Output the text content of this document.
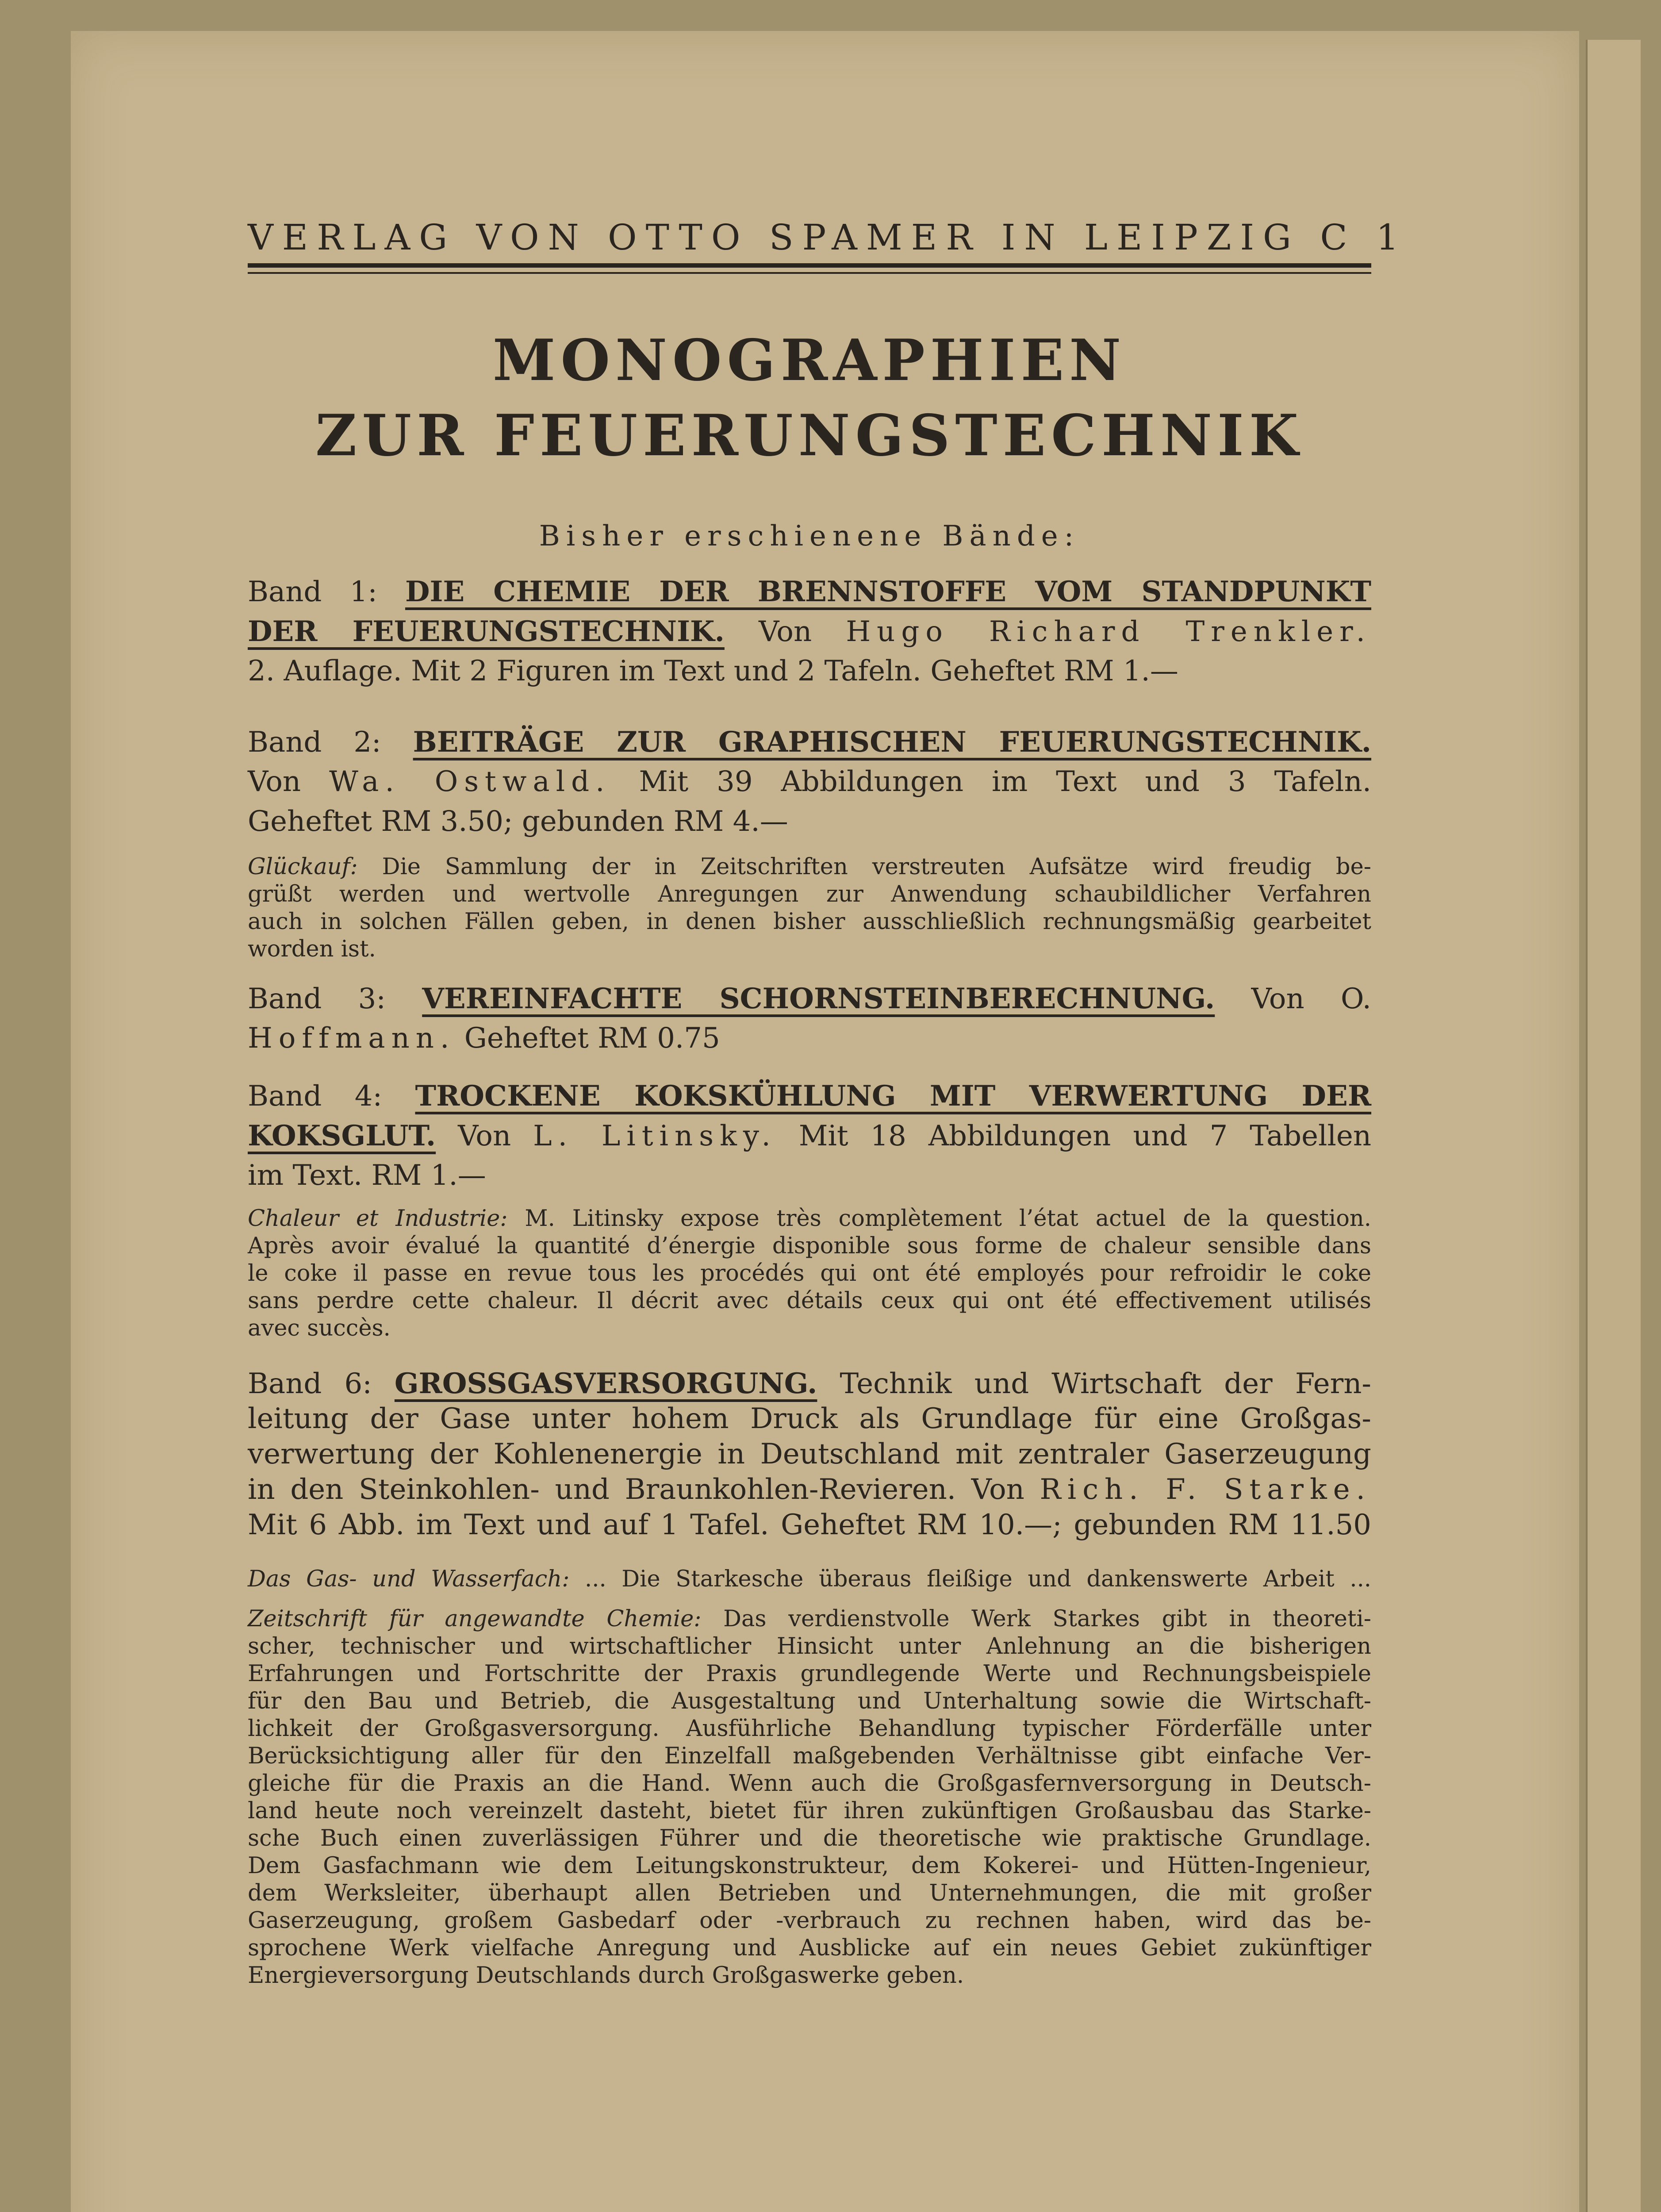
VERLAG VON OTTO SPAMER IN LEIPZIG C 1
MONOGRAPHIEN
ZUR FEUERUNGSTECHNIK
Bisher erschienene Bände:
Band 1: DIE CHEMIE DER BRENNSTOFFE VOM STANDPUNKT
DER FEUERUNGSTECHNIK. Von Hugo Richard Trenkler.
2. Auflage. Mit 2 Figuren im Text und 2 Tafeln. Geheftet RM 1.—
Band 2: BEITRÄGE ZUR GRAPHISCHEN FEUERUNGSTECHNIK.
Von Wa. Ostwald. Mit 39 Abbildungen im Text und 3 Tafeln.
Geheftet RM 3.50; gebunden RM 4.—
Glückauf: Die Sammlung der in Zeitschriften verstreuten Aufsätze wird freudig be-
grüßt werden und wertvolle Anregungen zur Anwendung schaubildlicher Verfahren
auch in solchen Fällen geben, in denen bisher ausschließlich rechnungsmäßig gearbeitet
worden ist.
Band 3: VEREINFACHTE SCHORNSTEINBERECHNUNG. Von O.
Hoffmann. Geheftet RM 0.75
Band 4: TROCKENE KOKSKÜHLUNG MIT VERWERTUNG DER
KOKSGLUT. Von L. Litinsky. Mit 18 Abbildungen und 7 Tabellen
im Text. RM 1.—
Chaleur et Industrie: M. Litinsky expose très complètement l’état actuel de la question.
Après avoir évalué la quantité d’énergie disponible sous forme de chaleur sensible dans
le coke il passe en revue tous les procédés qui ont été employés pour refroidir le coke
sans perdre cette chaleur. Il décrit avec détails ceux qui ont été effectivement utilisés
avec succès.
Band 6: GROSSGASVERSORGUNG. Technik und Wirtschaft der Fern-
leitung der Gase unter hohem Druck als Grundlage für eine Großgas-
verwertung der Kohlenenergie in Deutschland mit zentraler Gaserzeugung
in den Steinkohlen- und Braunkohlen-Revieren. Von Rich. F. Starke.
Mit 6 Abb. im Text und auf 1 Tafel. Geheftet RM 10.—; gebunden RM 11.50
Das Gas- und Wasserfach: ... Die Starkesche überaus fleißige und dankenswerte Arbeit ...
Zeitschrift für angewandte Chemie: Das verdienstvolle Werk Starkes gibt in theoreti-
scher, technischer und wirtschaftlicher Hinsicht unter Anlehnung an die bisherigen
Erfahrungen und Fortschritte der Praxis grundlegende Werte und Rechnungsbeispiele
für den Bau und Betrieb, die Ausgestaltung und Unterhaltung sowie die Wirtschaft-
lichkeit der Großgasversorgung. Ausführliche Behandlung typischer Förderfälle unter
Berücksichtigung aller für den Einzelfall maßgebenden Verhältnisse gibt einfache Ver-
gleiche für die Praxis an die Hand. Wenn auch die Großgasfernversorgung in Deutsch-
land heute noch vereinzelt dasteht, bietet für ihren zukünftigen Großausbau das Starke-
sche Buch einen zuverlässigen Führer und die theoretische wie praktische Grundlage.
Dem Gasfachmann wie dem Leitungskonstrukteur, dem Kokerei- und Hütten-Ingenieur,
dem Werksleiter, überhaupt allen Betrieben und Unternehmungen, die mit großer
Gaserzeugung, großem Gasbedarf oder -verbrauch zu rechnen haben, wird das be-
sprochene Werk vielfache Anregung und Ausblicke auf ein neues Gebiet zukünftiger
Energieversorgung Deutschlands durch Großgaswerke geben.
